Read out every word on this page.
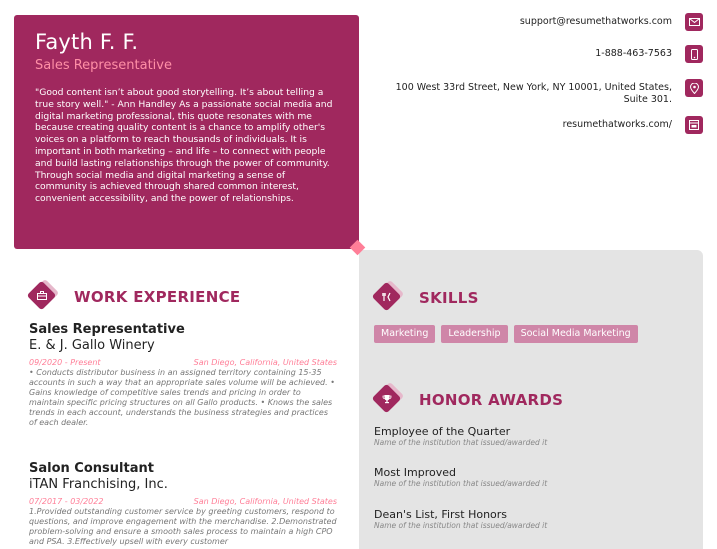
Fayth F. F.
Sales Representative
"Good content isn’t about good storytelling. It’s about telling a true story well." - Ann Handley As a passionate social media and digital marketing professional, this quote resonates with me because creating quality content is a chance to amplify other's voices on a platform to reach thousands of individuals. It is important in both marketing – and life – to connect with people and build lasting relationships through the power of community. Through social media and digital marketing a sense of community is achieved through shared common interest, convenient accessibility, and the power of relationships.
support@resumethatworks.com
1-888-463-7563
100 West 33rd Street, New York, NY 10001, United States,
Suite 301.
resumethatworks.com/
WORK EXPERIENCE
Sales Representative
E. & J. Gallo Winery
09/2020 - Present	San Diego, California, United States
• Conducts distributor business in an assigned territory containing 15-35 accounts in such a way that an appropriate sales volume will be achieved. • Gains knowledge of competitive sales trends and pricing in order to maintain specific pricing structures on all Gallo products. • Knows the sales trends in each account, understands the business strategies and practices of each dealer.
Salon Consultant
iTAN Franchising, Inc.
07/2017 - 03/2022	San Diego, California, United States
1.Provided outstanding customer service by greeting customers, respond to questions, and improve engagement with the merchandise. 2.Demonstrated problem-solving and ensure a smooth sales process to maintain a high CPO and PSA. 3.Effectively upsell with every customer
SKILLS
Marketing	Leadership	Social Media Marketing
HONOR AWARDS
Employee of the Quarter
Name of the institution that issued/awarded it
Most Improved
Name of the institution that issued/awarded it
Dean's List, First Honors
Name of the institution that issued/awarded it
